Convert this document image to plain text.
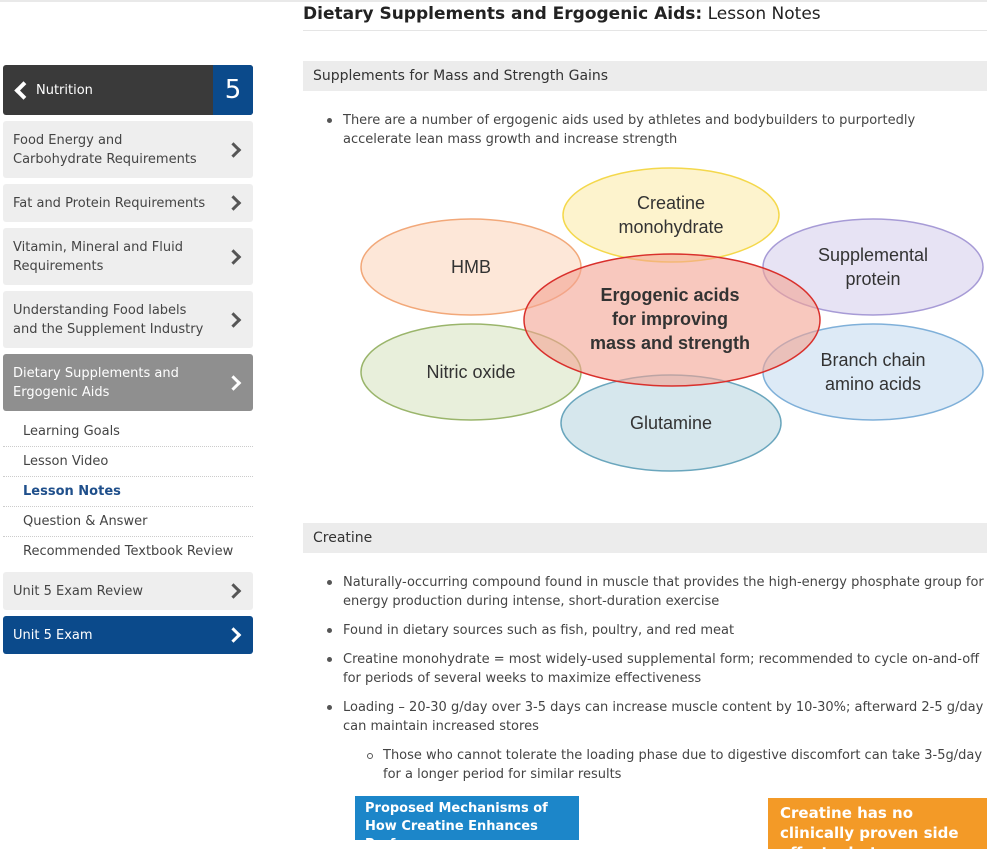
Nutrition	5
Food Energy and Carbohydrate Requirements
Fat and Protein Requirements
Vitamin, Mineral and Fluid Requirements
Understanding Food labels and the Supplement Industry
Dietary Supplements and Ergogenic Aids
Learning Goals
Lesson Video
Lesson Notes
Question & Answer
Recommended Textbook Review
Unit 5 Exam Review
Unit 5 Exam
Dietary Supplements and Ergogenic Aids: Lesson Notes
Supplements for Mass and Strength Gains
There are a number of ergogenic aids used by athletes and bodybuilders to purportedly accelerate lean mass growth and increase strength
Creatine
monohydrate
HMB
Supplemental
protein
Nitric oxide
Branch chain
amino acids
Glutamine
Ergogenic acids
for improving
mass and strength
Creatine
Naturally-occurring compound found in muscle that provides the high-energy phosphate group for energy production during intense, short-duration exercise
Found in dietary sources such as fish, poultry, and red meat
Creatine monohydrate = most widely-used supplemental form; recommended to cycle on-and-off for periods of several weeks to maximize effectiveness
Loading – 20-30 g/day over 3-5 days can increase muscle content by 10-30%; afterward 2-5 g/day can maintain increased stores
Those who cannot tolerate the loading phase due to digestive discomfort can take 3-5g/day for a longer period for similar results
Proposed Mechanisms of How Creatine Enhances Performance
Creatine has no clinically proven side effects, but
